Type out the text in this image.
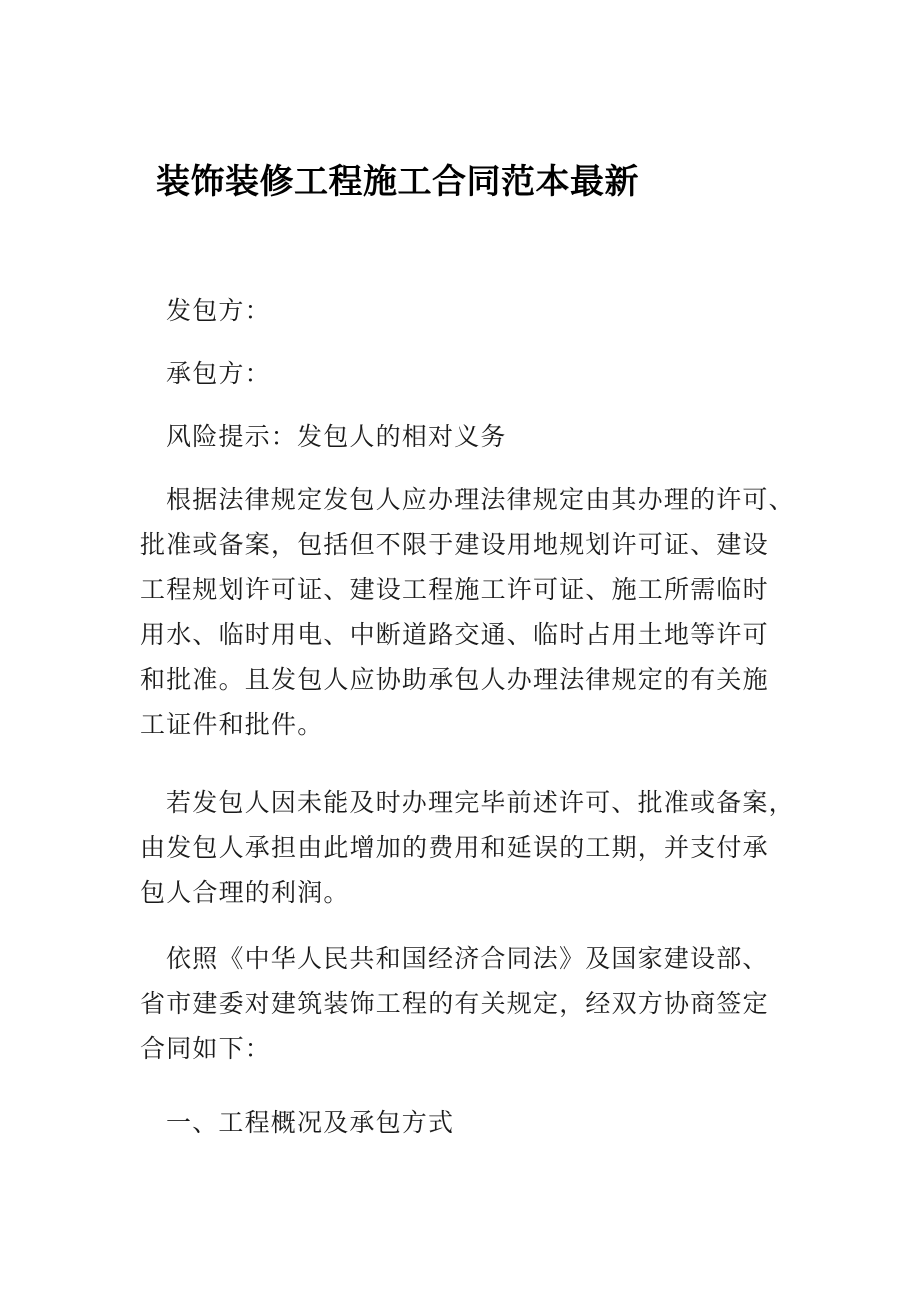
装饰装修工程施工合同范本最新

发包方：

承包方：

风险提示：发包人的相对义务

根据法律规定发包人应办理法律规定由其办理的许可、
批准或备案，包括但不限于建设用地规划许可证、建设
工程规划许可证、建设工程施工许可证、施工所需临时
用水、临时用电、中断道路交通、临时占用土地等许可
和批准。且发包人应协助承包人办理法律规定的有关施
工证件和批件。

若发包人因未能及时办理完毕前述许可、批准或备案，
由发包人承担由此增加的费用和延误的工期，并支付承
包人合理的利润。

依照《中华人民共和国经济合同法》及国家建设部、
省市建委对建筑装饰工程的有关规定，经双方协商签定
合同如下：

一、工程概况及承包方式
